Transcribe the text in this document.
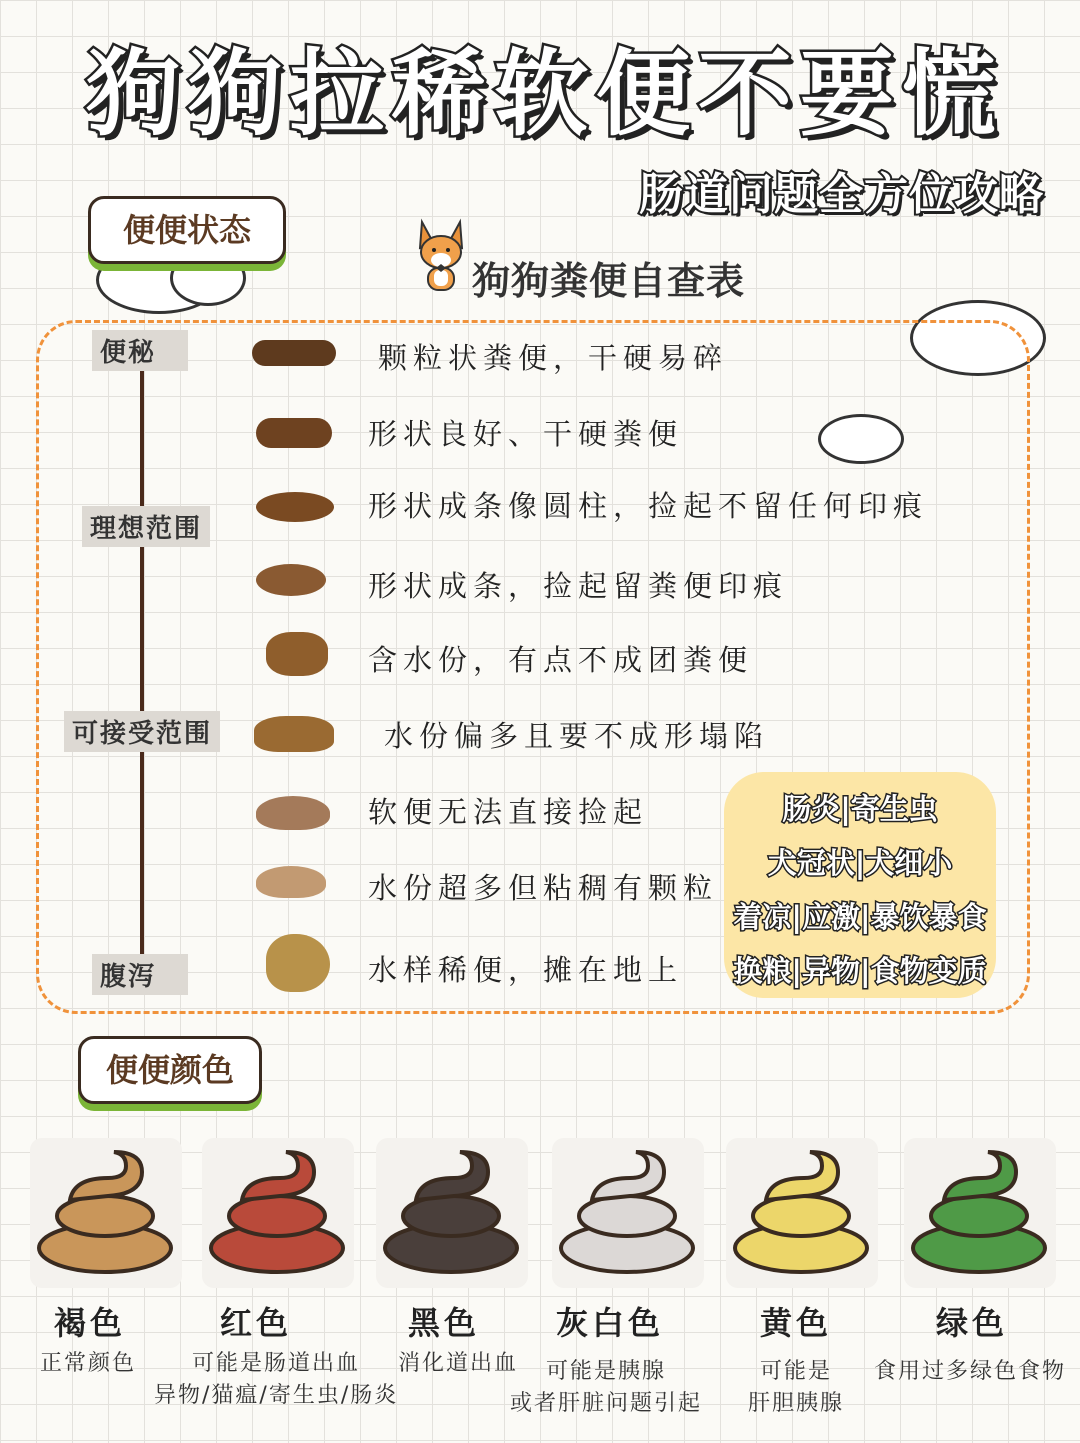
狗狗拉稀软便不要慌
肠道问题全方位攻略
便便状态
狗狗粪便自查表
便秘
理想范围
可接受范围
腹泻
颗粒状粪便，干硬易碎
形状良好、干硬粪便
形状成条像圆柱，捡起不留任何印痕
形状成条，捡起留粪便印痕
含水份，有点不成团粪便
水份偏多且要不成形塌陷
软便无法直接捡起
水份超多但粘稠有颗粒
水样稀便，摊在地上
肠炎|寄生虫
犬冠状|犬细小
着凉|应激|暴饮暴食
换粮|异物|食物变质
便便颜色
褐色
正常颜色
红色
可能是肠道出血
异物/猫瘟/寄生虫/肠炎
黑色
消化道出血
灰白色
可能是胰腺
或者肝脏问题引起
黄色
可能是
肝胆胰腺
绿色
食用过多绿色食物
